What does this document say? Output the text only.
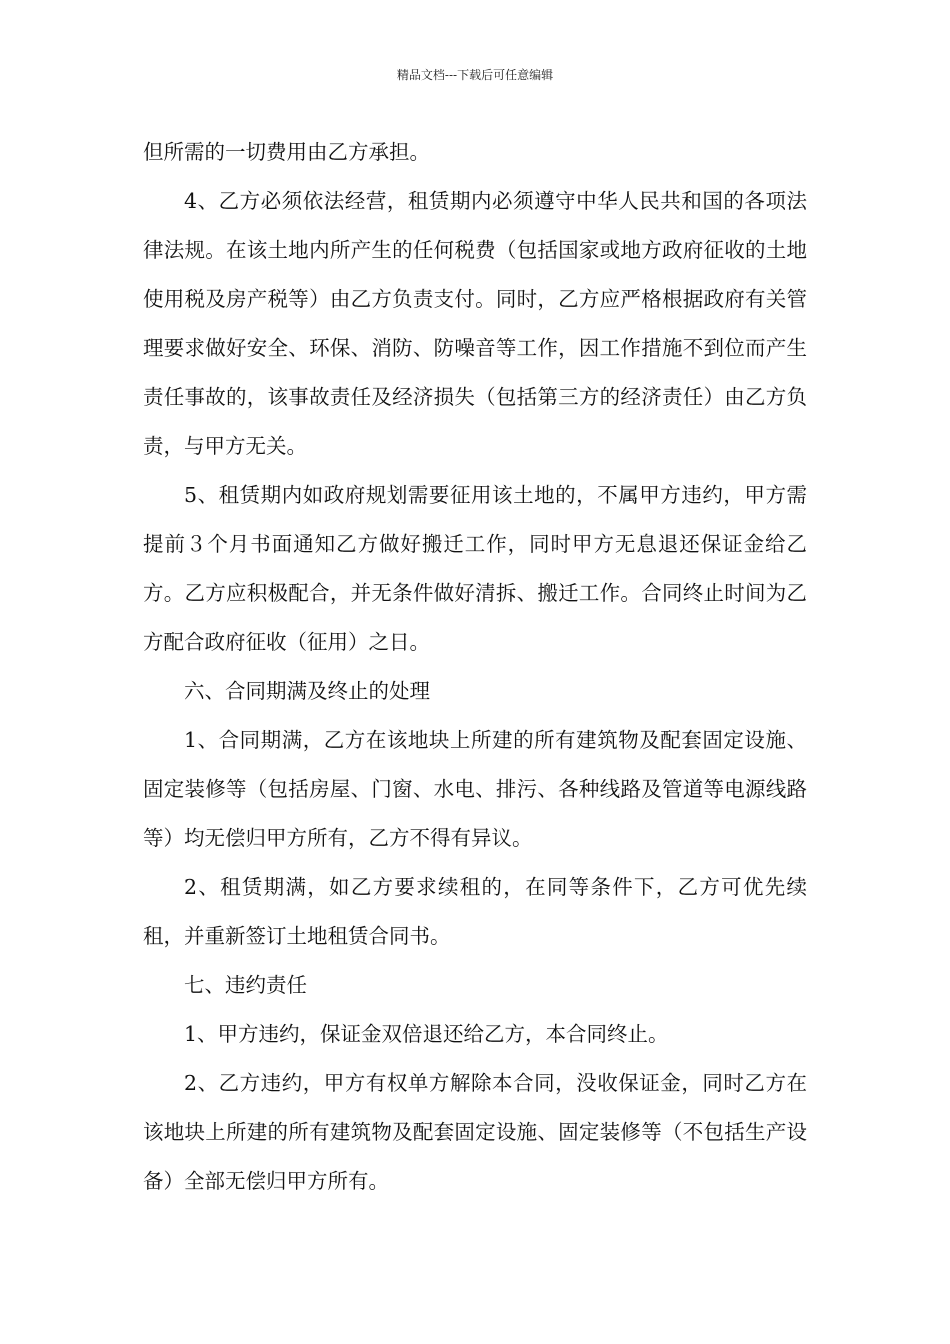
精品文档---下载后可任意编辑

但所需的一切费用由乙方承担。

4、乙方必须依法经营，租赁期内必须遵守中华人民共和国的各项法律法规。在该土地内所产生的任何税费（包括国家或地方政府征收的土地使用税及房产税等）由乙方负责支付。同时，乙方应严格根据政府有关管理要求做好安全、环保、消防、防噪音等工作，因工作措施不到位而产生责任事故的，该事故责任及经济损失（包括第三方的经济责任）由乙方负责，与甲方无关。

5、租赁期内如政府规划需要征用该土地的，不属甲方违约，甲方需提前３个月书面通知乙方做好搬迁工作，同时甲方无息退还保证金给乙方。乙方应积极配合，并无条件做好清拆、搬迁工作。合同终止时间为乙方配合政府征收（征用）之日。

六、合同期满及终止的处理

1、合同期满，乙方在该地块上所建的所有建筑物及配套固定设施、固定装修等（包括房屋、门窗、水电、排污、各种线路及管道等电源线路等）均无偿归甲方所有，乙方不得有异议。

2、租赁期满，如乙方要求续租的，在同等条件下，乙方可优先续租，并重新签订土地租赁合同书。

七、违约责任

1、甲方违约，保证金双倍退还给乙方，本合同终止。

2、乙方违约，甲方有权单方解除本合同，没收保证金，同时乙方在该地块上所建的所有建筑物及配套固定设施、固定装修等（不包括生产设备）全部无偿归甲方所有。
